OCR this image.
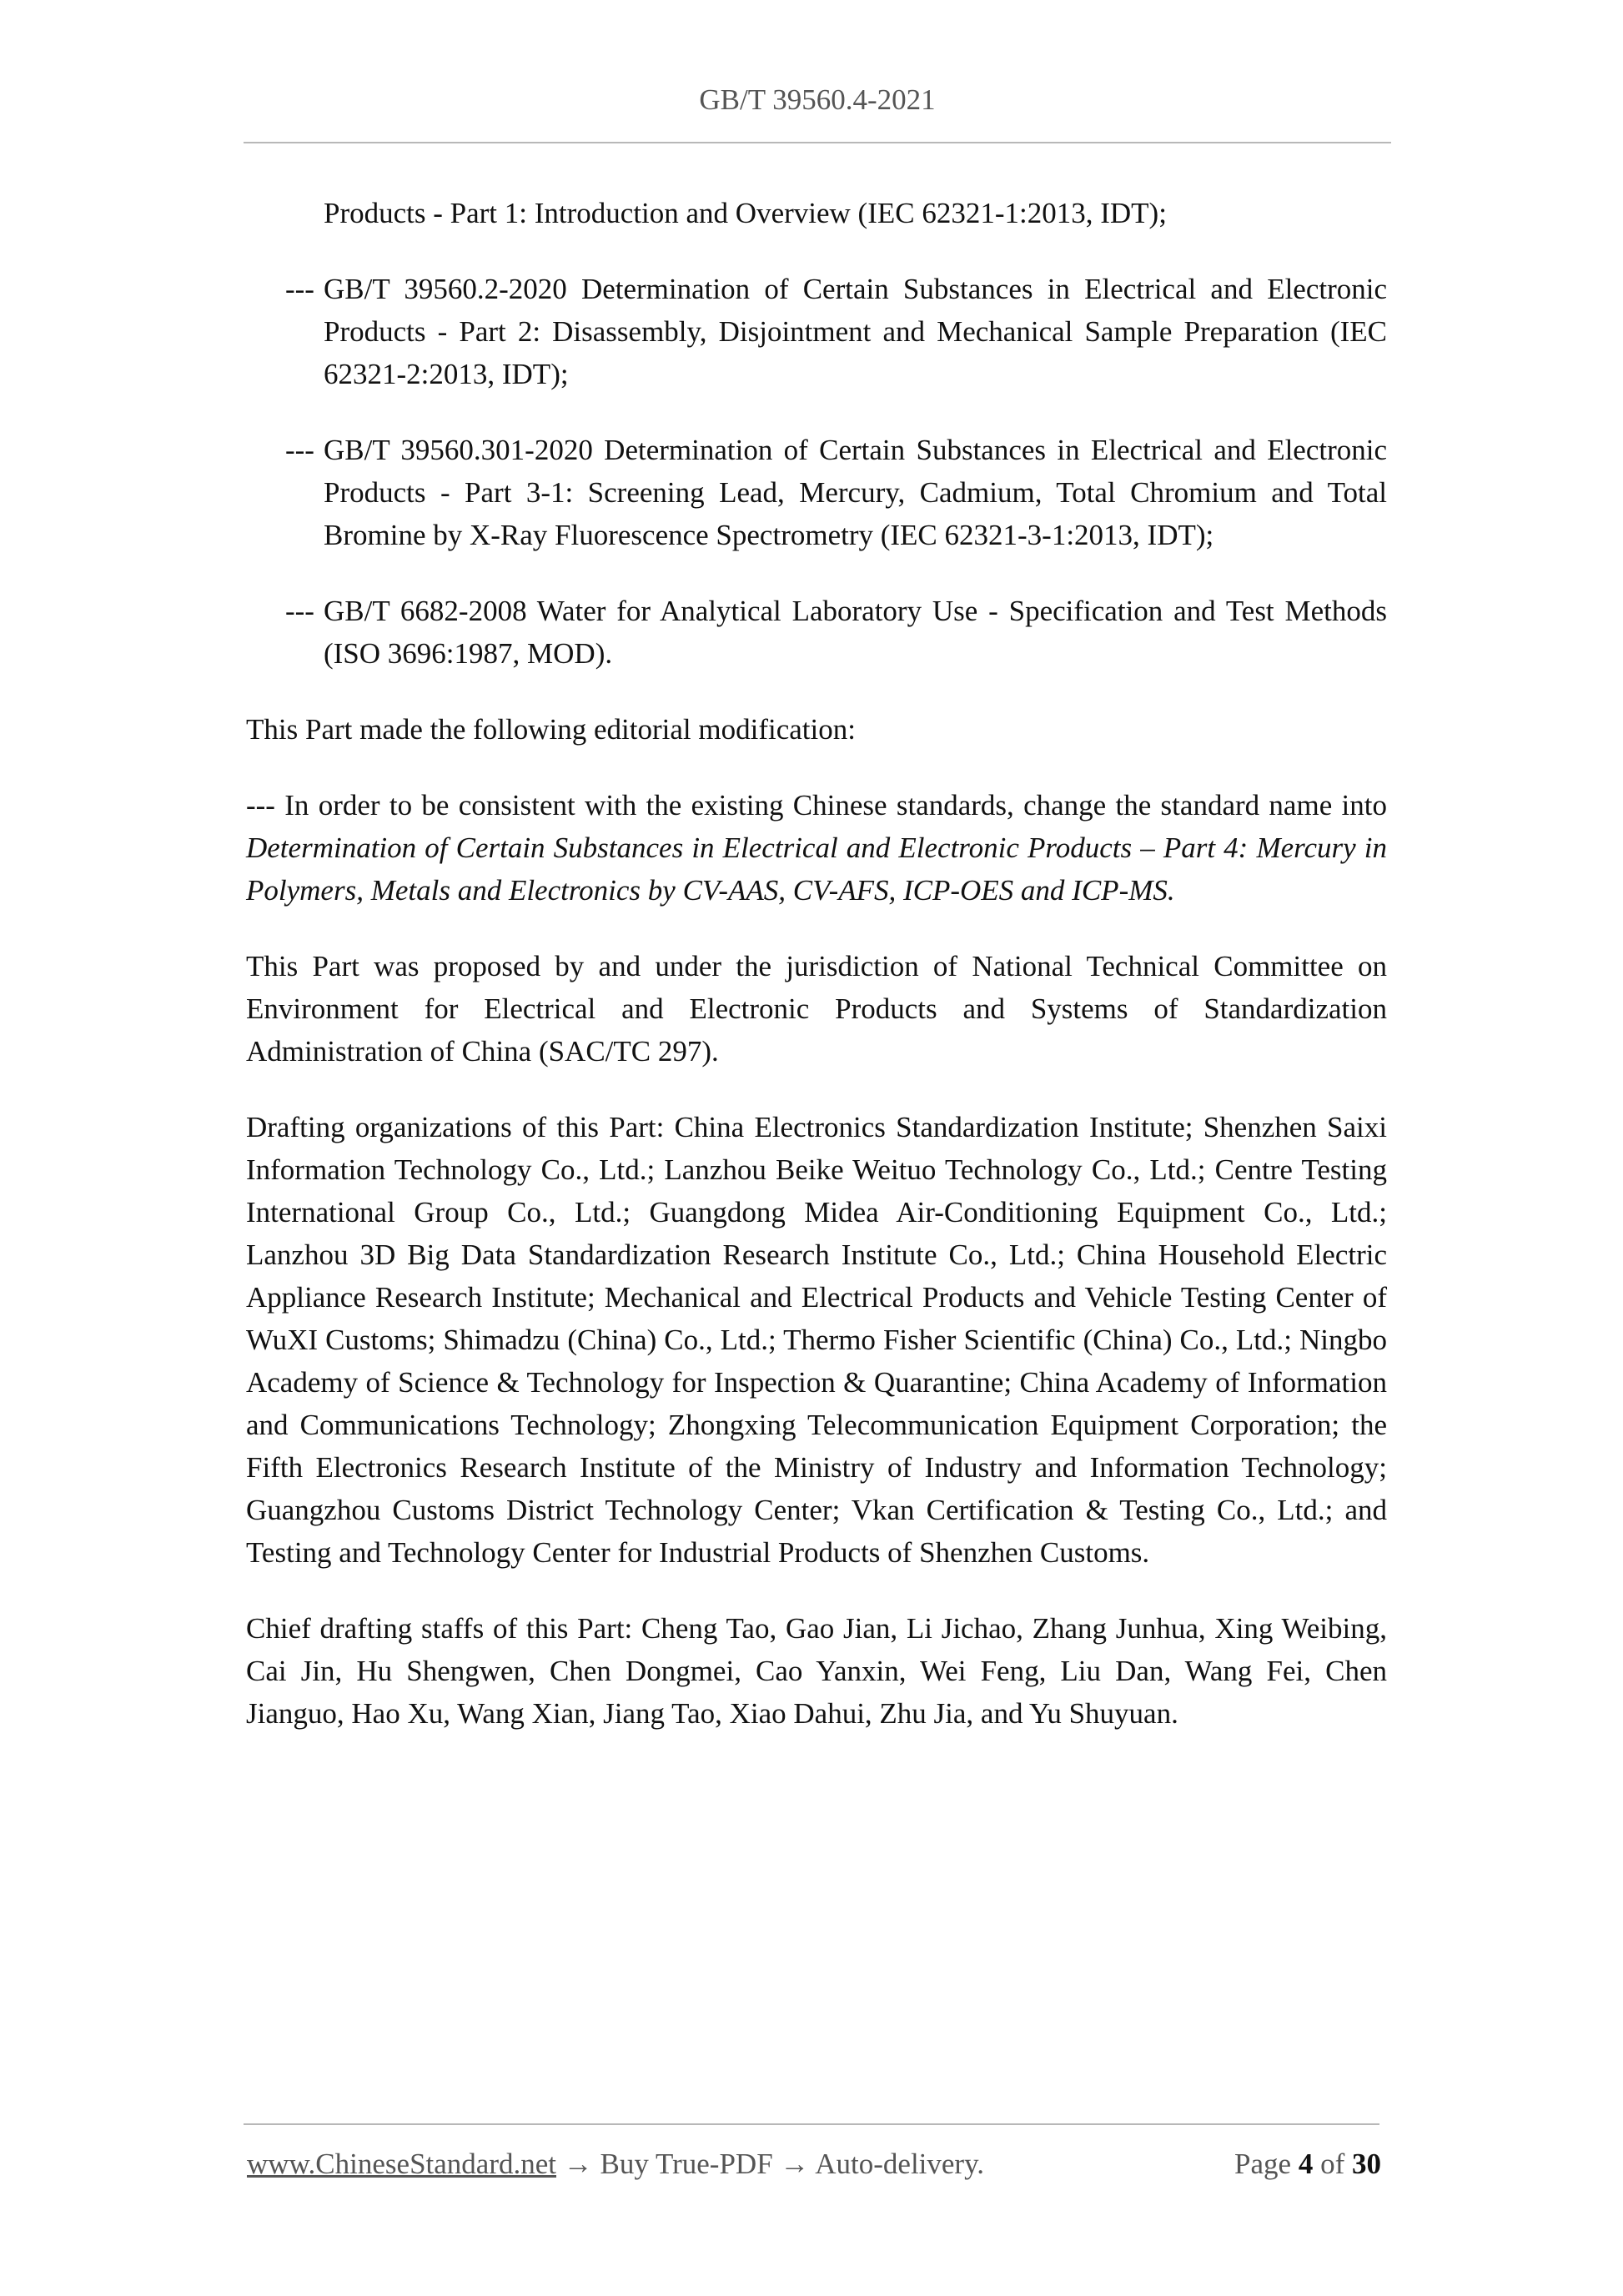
GB/T 39560.4-2021
Products - Part 1: Introduction and Overview (IEC 62321-1:2013, IDT);
--- GB/T 39560.2-2020 Determination of Certain Substances in Electrical and Electronic Products - Part 2: Disassembly, Disjointment and Mechanical Sample Preparation (IEC 62321-2:2013, IDT);
--- GB/T 39560.301-2020 Determination of Certain Substances in Electrical and Electronic Products - Part 3-1: Screening Lead, Mercury, Cadmium, Total Chromium and Total Bromine by X-Ray Fluorescence Spectrometry (IEC 62321-3-1:2013, IDT);
--- GB/T 6682-2008 Water for Analytical Laboratory Use - Specification and Test Methods (ISO 3696:1987, MOD).

This Part made the following editorial modification:

--- In order to be consistent with the existing Chinese standards, change the standard name into Determination of Certain Substances in Electrical and Electronic Products – Part 4: Mercury in Polymers, Metals and Electronics by CV-AAS, CV-AFS, ICP-OES and ICP-MS.

This Part was proposed by and under the jurisdiction of National Technical Committee on Environment for Electrical and Electronic Products and Systems of Standardization Administration of China (SAC/TC 297).

Drafting organizations of this Part: China Electronics Standardization Institute; Shenzhen Saixi Information Technology Co., Ltd.; Lanzhou Beike Weituo Technology Co., Ltd.; Centre Testing International Group Co., Ltd.; Guangdong Midea Air-Conditioning Equipment Co., Ltd.; Lanzhou 3D Big Data Standardization Research Institute Co., Ltd.; China Household Electric Appliance Research Institute; Mechanical and Electrical Products and Vehicle Testing Center of WuXI Customs; Shimadzu (China) Co., Ltd.; Thermo Fisher Scientific (China) Co., Ltd.; Ningbo Academy of Science & Technology for Inspection & Quarantine; China Academy of Information and Communications Technology; Zhongxing Telecommunication Equipment Corporation; the Fifth Electronics Research Institute of the Ministry of Industry and Information Technology; Guangzhou Customs District Technology Center; Vkan Certification & Testing Co., Ltd.; and Testing and Technology Center for Industrial Products of Shenzhen Customs.

Chief drafting staffs of this Part: Cheng Tao, Gao Jian, Li Jichao, Zhang Junhua, Xing Weibing, Cai Jin, Hu Shengwen, Chen Dongmei, Cao Yanxin, Wei Feng, Liu Dan, Wang Fei, Chen Jianguo, Hao Xu, Wang Xian, Jiang Tao, Xiao Dahui, Zhu Jia, and Yu Shuyuan.

www.ChineseStandard.net → Buy True-PDF → Auto-delivery.	Page 4 of 30
